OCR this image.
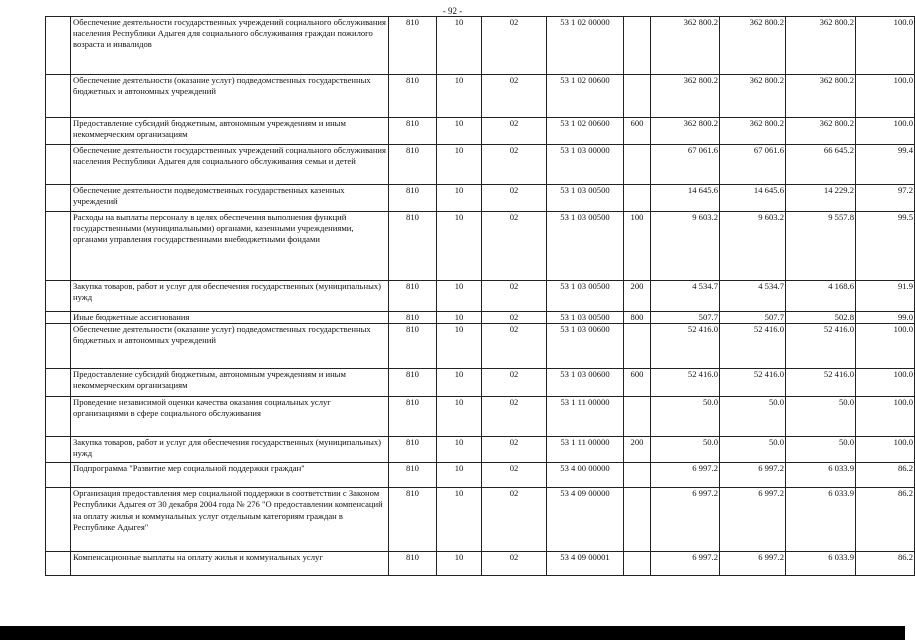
- 92 -
	Обеспечение деятельности государственных учреждений социального обслуживания населения Республики Адыгея для социального обслуживания граждан пожилого возраста и инвалидов	810	10	02	53 1 02 00000		362 800.2	362 800.2	362 800.2	100.0
	Обеспечение деятельности (оказание услуг) подведомственных государственных бюджетных и автономных учреждений	810	10	02	53 1 02 00600		362 800.2	362 800.2	362 800.2	100.0
	Предоставление субсидий бюджетным, автономным учреждениям и иным некоммерческим организациям	810	10	02	53 1 02 00600	600	362 800.2	362 800.2	362 800.2	100.0
	Обеспечение деятельности государственных учреждений социального обслуживания населения Республики Адыгея для социального обслуживания семьи и детей	810	10	02	53 1 03 00000		67 061.6	67 061.6	66 645.2	99.4
	Обеспечение деятельности подведомственных государственных казенных учреждений	810	10	02	53 1 03 00500		14 645.6	14 645.6	14 229.2	97.2
	Расходы на выплаты персоналу в целях обеспечения выполнения функций государственными (муниципальными) органами, казенными учреждениями, органами управления государственными внебюджетными фондами	810	10	02	53 1 03 00500	100	9 603.2	9 603.2	9 557.8	99.5
	Закупка товаров, работ и услуг для обеспечения государственных (муниципальных) нужд	810	10	02	53 1 03 00500	200	4 534.7	4 534.7	4 168.6	91.9
	Иные бюджетные ассигнования	810	10	02	53 1 03 00500	800	507.7	507.7	502.8	99.0
	Обеспечение деятельности (оказание услуг) подведомственных государственных бюджетных и автономных учреждений	810	10	02	53 1 03 00600		52 416.0	52 416.0	52 416.0	100.0
	Предоставление субсидий бюджетным, автономным учреждениям и иным некоммерческим организациям	810	10	02	53 1 03 00600	600	52 416.0	52 416.0	52 416.0	100.0
	Проведение независимой оценки качества оказания социальных услуг организациями в сфере социального обслуживания	810	10	02	53 1 11 00000		50.0	50.0	50.0	100.0
	Закупка товаров, работ и услуг для обеспечения государственных (муниципальных) нужд	810	10	02	53 1 11 00000	200	50.0	50.0	50.0	100.0
	Подпрограмма "Развитие мер социальной поддержки граждан"	810	10	02	53 4 00 00000		6 997.2	6 997.2	6 033.9	86.2
	Организация предоставления мер социальной поддержки в соответствии с Законом Республики Адыгея от 30 декабря 2004 года № 276 "О предоставлении компенсаций на оплату жилья и коммунальных услуг отдельным категориям граждан в Республике Адыгея"	810	10	02	53 4 09 00000		6 997.2	6 997.2	6 033.9	86.2
	Компенсационные выплаты на оплату жилья и коммунальных услуг	810	10	02	53 4 09 00001		6 997.2	6 997.2	6 033.9	86.2
